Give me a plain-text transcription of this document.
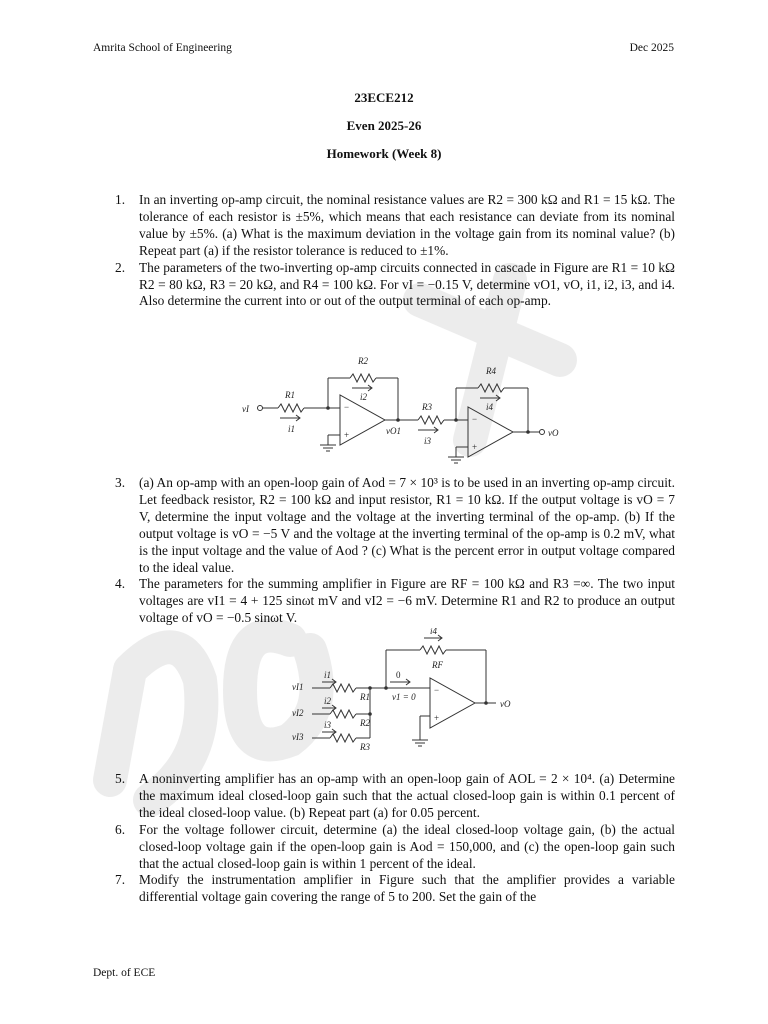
Amrita School of Engineering	Dec 2025
23ECE212
Even 2025-26
Homework (Week 8)
1. In an inverting op-amp circuit, the nominal resistance values are R2 = 300 kΩ and R1 = 15 kΩ. The tolerance of each resistor is ±5%, which means that each resistance can deviate from its nominal value by ±5%. (a) What is the maximum deviation in the voltage gain from its nominal value? (b) Repeat part (a) if the resistor tolerance is reduced to ±1%.
2. The parameters of the two-inverting op-amp circuits connected in cascade in Figure are R1 = 10 kΩ R2 = 80 kΩ, R3 = 20 kΩ, and R4 = 100 kΩ. For vI = −0.15 V, determine vO1, vO, i1, i2, i3, and i4. Also determine the current into or out of the output terminal of each op-amp.
vI
R1
i1
R2
i2
−
+	vO1
R3
i3
R4
i4
−
+
vO
3. (a) An op-amp with an open-loop gain of Aod = 7 × 10³ is to be used in an inverting op-amp circuit. Let feedback resistor, R2 = 100 kΩ and input resistor, R1 = 10 kΩ. If the output voltage is vO = 7 V, determine the input voltage and the voltage at the inverting terminal of the op-amp. (b) If the output voltage is vO = −5 V and the voltage at the inverting terminal of the op-amp is 0.2 mV, what is the input voltage and the value of Aod ? (c) What is the percent error in output voltage compared to the ideal value.
4. The parameters for the summing amplifier in Figure are RF = 100 kΩ and R3 =∞. The two input voltages are vI1 = 4 + 125 sinωt mV and vI2 = −6 mV. Determine R1 and R2 to produce an output voltage of vO = −0.5 sinωt V.
vI1
vI2
vI3
i1
i2
i3
R1
R2
R3
0
v1 = 0
RF
i4
−
+
vO
5. A noninverting amplifier has an op-amp with an open-loop gain of AOL = 2 × 10⁴. (a) Determine the maximum ideal closed-loop gain such that the actual closed-loop gain is within 0.1 percent of the ideal closed-loop value. (b) Repeat part (a) for 0.05 percent.
6. For the voltage follower circuit, determine (a) the ideal closed-loop voltage gain, (b) the actual closed-loop voltage gain if the open-loop gain is Aod = 150,000, and (c) the open-loop gain such that the actual closed-loop gain is within 1 percent of the ideal.
7. Modify the instrumentation amplifier in Figure such that the amplifier provides a variable differential voltage gain covering the range of 5 to 200. Set the gain of the
Dept. of ECE
